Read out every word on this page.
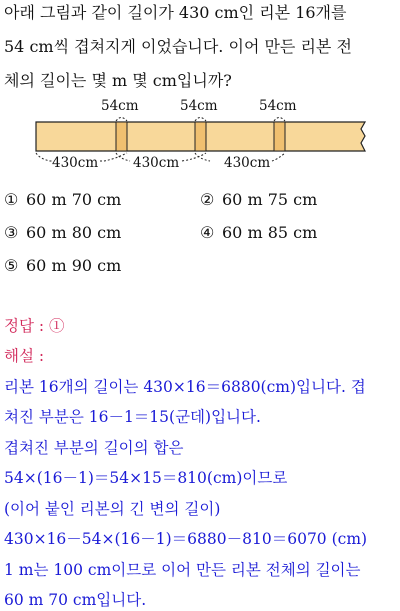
아래 그림과 같이 길이가 430 cm인 리본 16개를
54 cm씩 겹쳐지게 이었습니다. 이어 만든 리본 전
체의 길이는 몇 m 몇 cm입니까?
54cm	54cm	54cm
430cm	430cm	430cm
① 60 m 70 cm	② 60 m 75 cm
③ 60 m 80 cm	④ 60 m 85 cm
⑤ 60 m 90 cm
정답 : ①
해설 :
리본 16개의 길이는 430×16＝6880(cm)입니다. 겹
쳐진 부분은 16－1＝15(군데)입니다.
겹쳐진 부분의 길이의 합은
54×(16－1)＝54×15＝810(cm)이므로
(이어 붙인 리본의 긴 변의 길이)
430×16－54×(16－1)＝6880－810＝6070 (cm)
1 m는 100 cm이므로 이어 만든 리본 전체의 길이는
60 m 70 cm입니다.
